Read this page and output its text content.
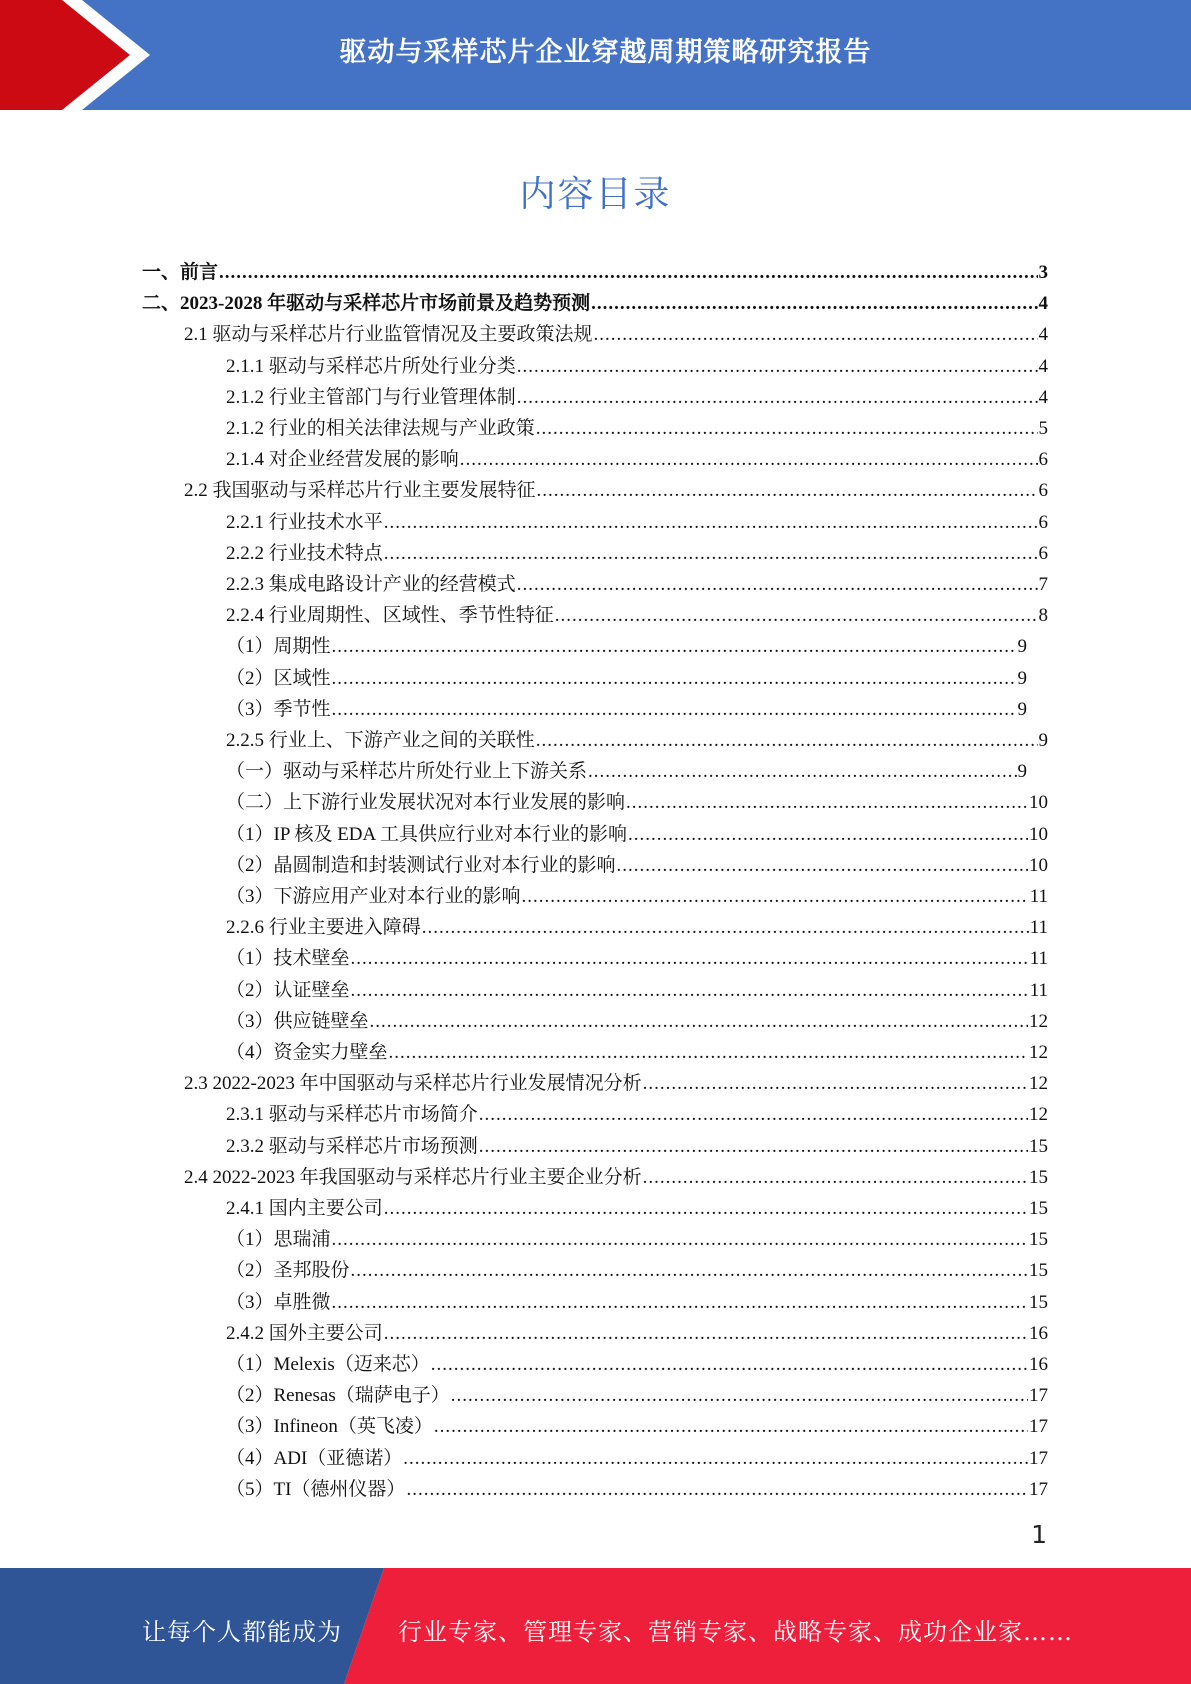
驱动与采样芯片企业穿越周期策略研究报告
内容目录
一、前言 .....	3
二、2023-2028 年驱动与采样芯片市场前景及趋势预测 .....	4
2.1 驱动与采样芯片行业监管情况及主要政策法规 .....	4
2.1.1 驱动与采样芯片所处行业分类 .....	4
2.1.2 行业主管部门与行业管理体制 .....	4
2.1.2 行业的相关法律法规与产业政策 .....	5
2.1.4 对企业经营发展的影响 .....	6
2.2 我国驱动与采样芯片行业主要发展特征 .....	6
2.2.1 行业技术水平 .....	6
2.2.2 行业技术特点 .....	6
2.2.3 集成电路设计产业的经营模式 .....	7
2.2.4 行业周期性、区域性、季节性特征 .....	8
（1）周期性 .....	9
（2）区域性 .....	9
（3）季节性 .....	9
2.2.5 行业上、下游产业之间的关联性 .....	9
（一）驱动与采样芯片所处行业上下游关系 .....	9
（二）上下游行业发展状况对本行业发展的影响 .....	10
（1）IP 核及 EDA 工具供应行业对本行业的影响 .....	10
（2）晶圆制造和封装测试行业对本行业的影响 .....	10
（3）下游应用产业对本行业的影响 .....	11
2.2.6 行业主要进入障碍 .....	11
（1）技术壁垒 .....	11
（2）认证壁垒 .....	11
（3）供应链壁垒 .....	12
（4）资金实力壁垒 .....	12
2.3 2022-2023 年中国驱动与采样芯片行业发展情况分析 .....	12
2.3.1 驱动与采样芯片市场简介 .....	12
2.3.2 驱动与采样芯片市场预测 .....	15
2.4 2022-2023 年我国驱动与采样芯片行业主要企业分析 .....	15
2.4.1 国内主要公司 .....	15
（1）思瑞浦 .....	15
（2）圣邦股份 .....	15
（3）卓胜微 .....	15
2.4.2 国外主要公司 .....	16
（1）Melexis（迈来芯） .....	16
（2）Renesas（瑞萨电子） .....	17
（3）Infineon（英飞凌） .....	17
（4）ADI（亚德诺） .....	17
（5）TI（德州仪器） .....	17
1
让每个人都能成为 行业专家、管理专家、营销专家、战略专家、成功企业家……
